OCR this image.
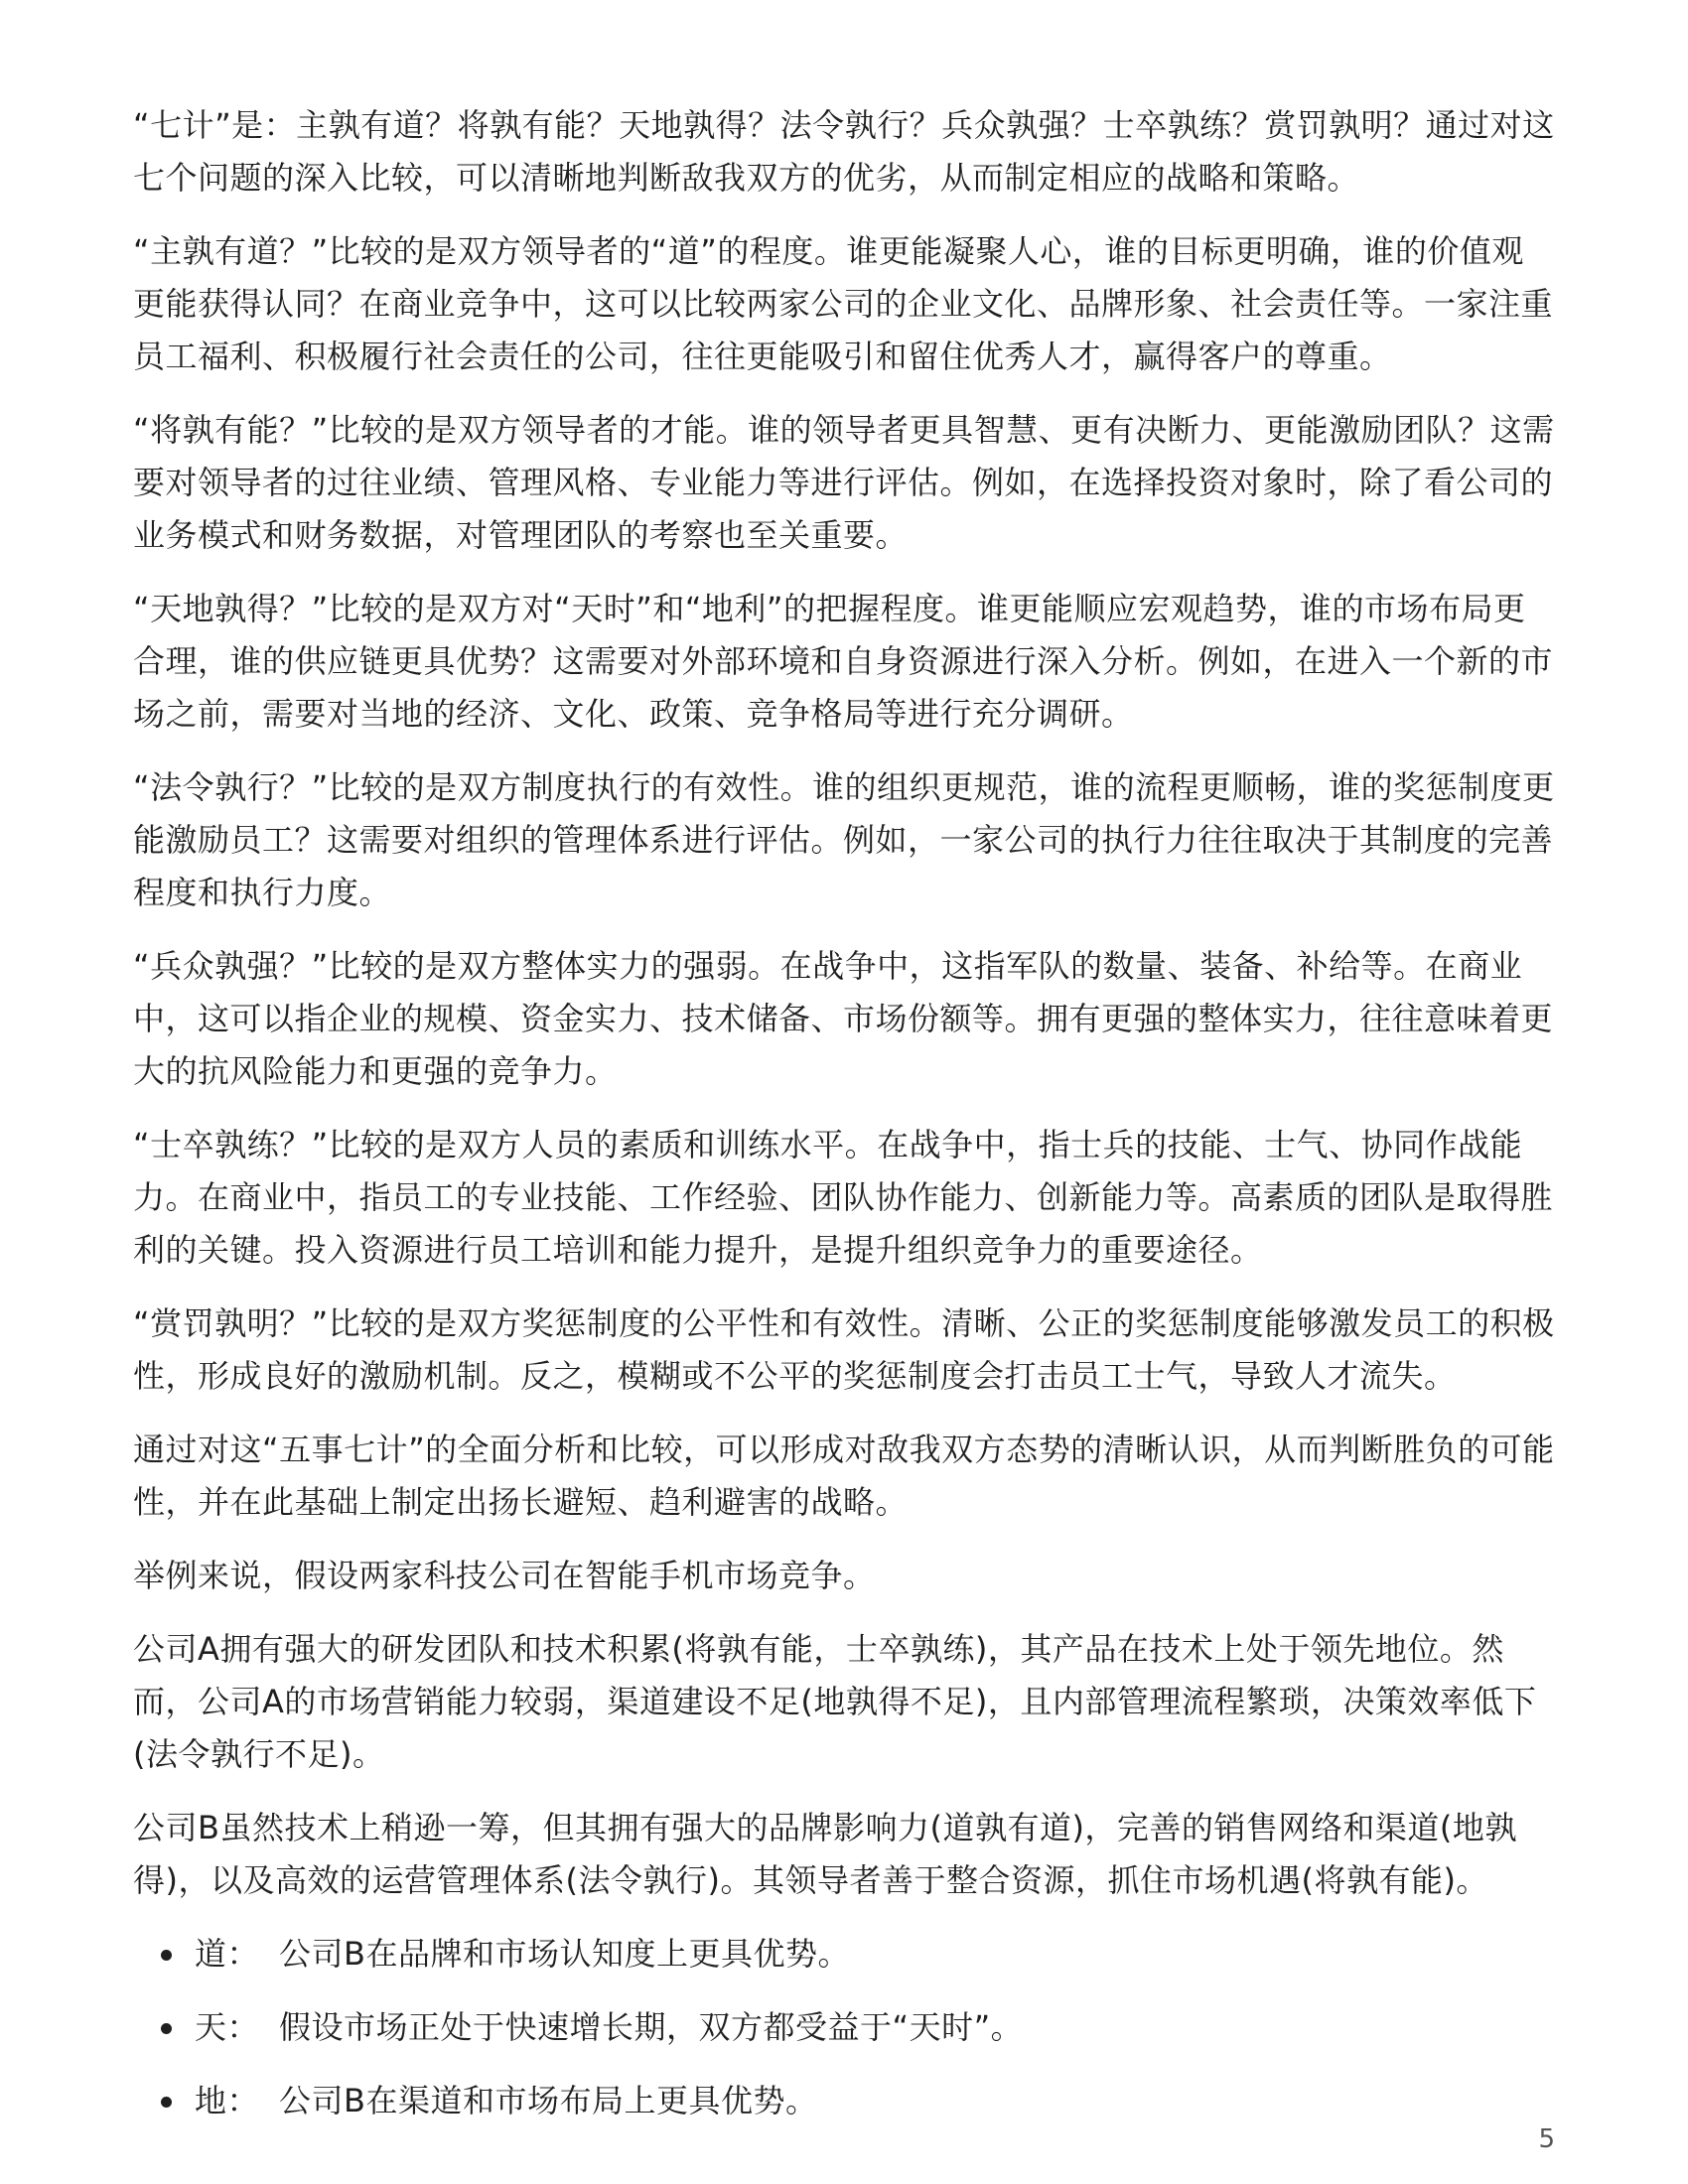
“七计”是：主孰有道？将孰有能？天地孰得？法令孰行？兵众孰强？士卒孰练？赏罚孰明？通过对这七个问题的深入比较，可以清晰地判断敌我双方的优劣，从而制定相应的战略和策略。

“主孰有道？”比较的是双方领导者的“道”的程度。谁更能凝聚人心，谁的目标更明确，谁的价值观更能获得认同？在商业竞争中，这可以比较两家公司的企业文化、品牌形象、社会责任等。一家注重员工福利、积极履行社会责任的公司，往往更能吸引和留住优秀人才，赢得客户的尊重。

“将孰有能？”比较的是双方领导者的才能。谁的领导者更具智慧、更有决断力、更能激励团队？这需要对领导者的过往业绩、管理风格、专业能力等进行评估。例如，在选择投资对象时，除了看公司的业务模式和财务数据，对管理团队的考察也至关重要。

“天地孰得？”比较的是双方对“天时”和“地利”的把握程度。谁更能顺应宏观趋势，谁的市场布局更合理，谁的供应链更具优势？这需要对外部环境和自身资源进行深入分析。例如，在进入一个新的市场之前，需要对当地的经济、文化、政策、竞争格局等进行充分调研。

“法令孰行？”比较的是双方制度执行的有效性。谁的组织更规范，谁的流程更顺畅，谁的奖惩制度更能激励员工？这需要对组织的管理体系进行评估。例如，一家公司的执行力往往取决于其制度的完善程度和执行力度。

“兵众孰强？”比较的是双方整体实力的强弱。在战争中，这指军队的数量、装备、补给等。在商业中，这可以指企业的规模、资金实力、技术储备、市场份额等。拥有更强的整体实力，往往意味着更大的抗风险能力和更强的竞争力。

“士卒孰练？”比较的是双方人员的素质和训练水平。在战争中，指士兵的技能、士气、协同作战能力。在商业中，指员工的专业技能、工作经验、团队协作能力、创新能力等。高素质的团队是取得胜利的关键。投入资源进行员工培训和能力提升，是提升组织竞争力的重要途径。

“赏罚孰明？”比较的是双方奖惩制度的公平性和有效性。清晰、公正的奖惩制度能够激发员工的积极性，形成良好的激励机制。反之，模糊或不公平的奖惩制度会打击员工士气，导致人才流失。

通过对这“五事七计”的全面分析和比较，可以形成对敌我双方态势的清晰认识，从而判断胜负的可能性，并在此基础上制定出扬长避短、趋利避害的战略。

举例来说，假设两家科技公司在智能手机市场竞争。

公司A拥有强大的研发团队和技术积累(将孰有能，士卒孰练)，其产品在技术上处于领先地位。然而，公司A的市场营销能力较弱，渠道建设不足(地孰得不足)，且内部管理流程繁琐，决策效率低下(法令孰行不足)。

公司B虽然技术上稍逊一筹，但其拥有强大的品牌影响力(道孰有道)，完善的销售网络和渠道(地孰得)，以及高效的运营管理体系(法令孰行)。其领导者善于整合资源，抓住市场机遇(将孰有能)。

道： 公司B在品牌和市场认知度上更具优势。
天： 假设市场正处于快速增长期，双方都受益于“天时”。
地： 公司B在渠道和市场布局上更具优势。
5
